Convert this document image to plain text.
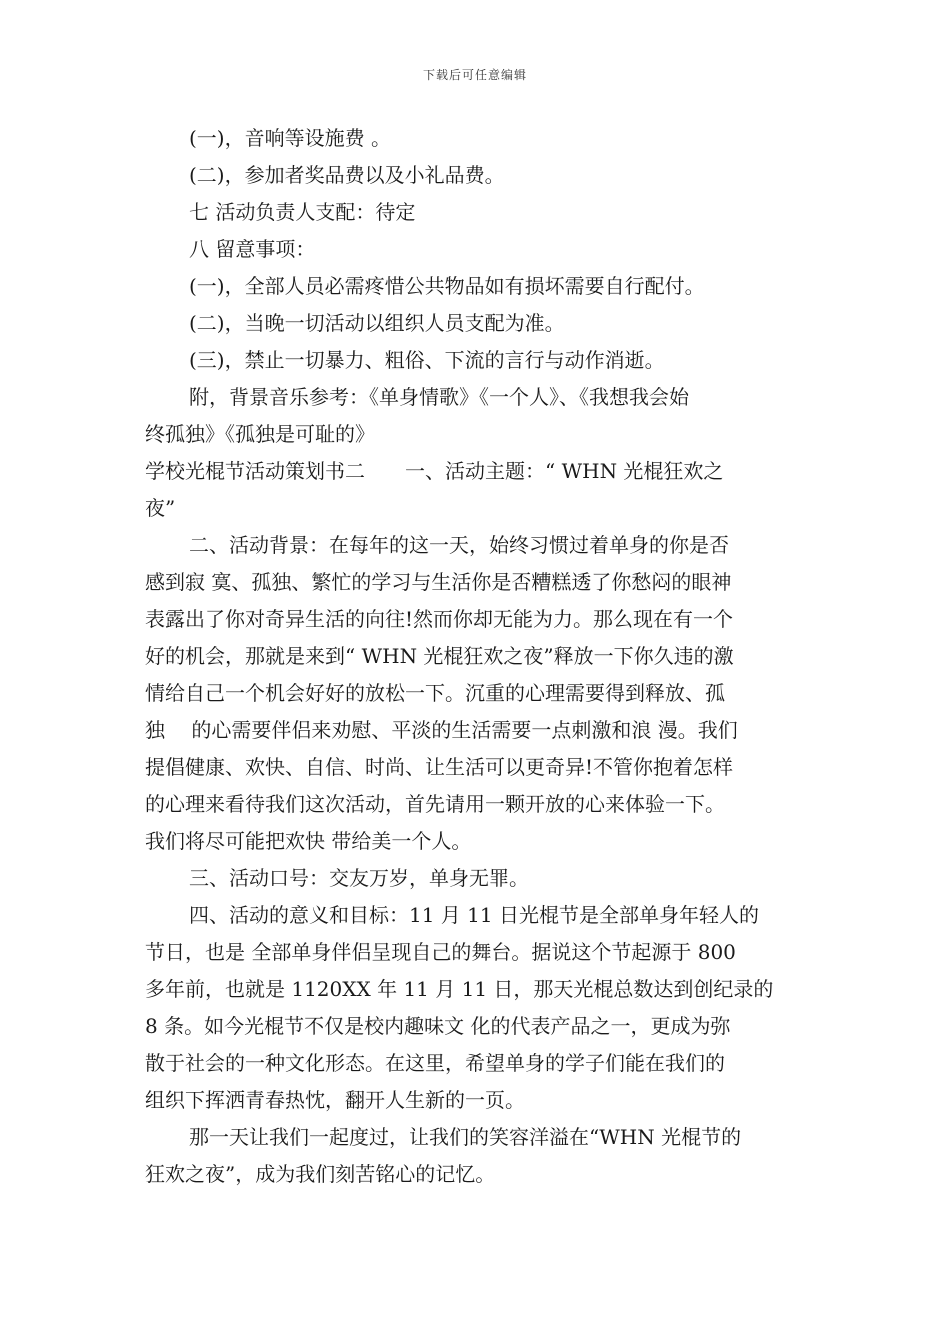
下载后可任意编辑
(一)，音响等设施费 。
(二)，参加者奖品费以及小礼品费。
七 活动负责人支配：待定
八 留意事项：
(一)，全部人员必需疼惜公共物品如有损坏需要自行配付。
(二)，当晚一切活动以组织人员支配为准。
(三)，禁止一切暴力、粗俗、下流的言行与动作消逝。
附，背景音乐参考：《单身情歌》《一个人》、《我想我会始
终孤独》《孤独是可耻的》
学校光棍节活动策划书二　　一、活动主题：“ WHN 光棍狂欢之
夜”
二、活动背景：在每年的这一天，始终习惯过着单身的你是否
感到寂 寞、孤独、繁忙的学习与生活你是否糟糕透了你愁闷的眼神
表露出了你对奇异生活的向往!然而你却无能为力。那么现在有一个
好的机会，那就是来到“ WHN 光棍狂欢之夜”释放一下你久违的激
情给自己一个机会好好的放松一下。沉重的心理需要得到释放、孤
独　 的心需要伴侣来劝慰、平淡的生活需要一点刺激和浪 漫。我们
提倡健康、欢快、自信、时尚、让生活可以更奇异!不管你抱着怎样
的心理来看待我们这次活动，首先请用一颗开放的心来体验一下。
我们将尽可能把欢快 带给美一个人。
三、活动口号：交友万岁，单身无罪。
四、活动的意义和目标：11 月 11 日光棍节是全部单身年轻人的
节日，也是 全部单身伴侣呈现自己的舞台。据说这个节起源于 800
多年前，也就是 1120XX 年 11 月 11 日，那天光棍总数达到创纪录的
8 条。如今光棍节不仅是校内趣味文 化的代表产品之一，更成为弥
散于社会的一种文化形态。在这里，希望单身的学子们能在我们的
组织下挥洒青春热忱，翻开人生新的一页。
那一天让我们一起度过，让我们的笑容洋溢在“WHN 光棍节的
狂欢之夜”，成为我们刻苦铭心的记忆。
